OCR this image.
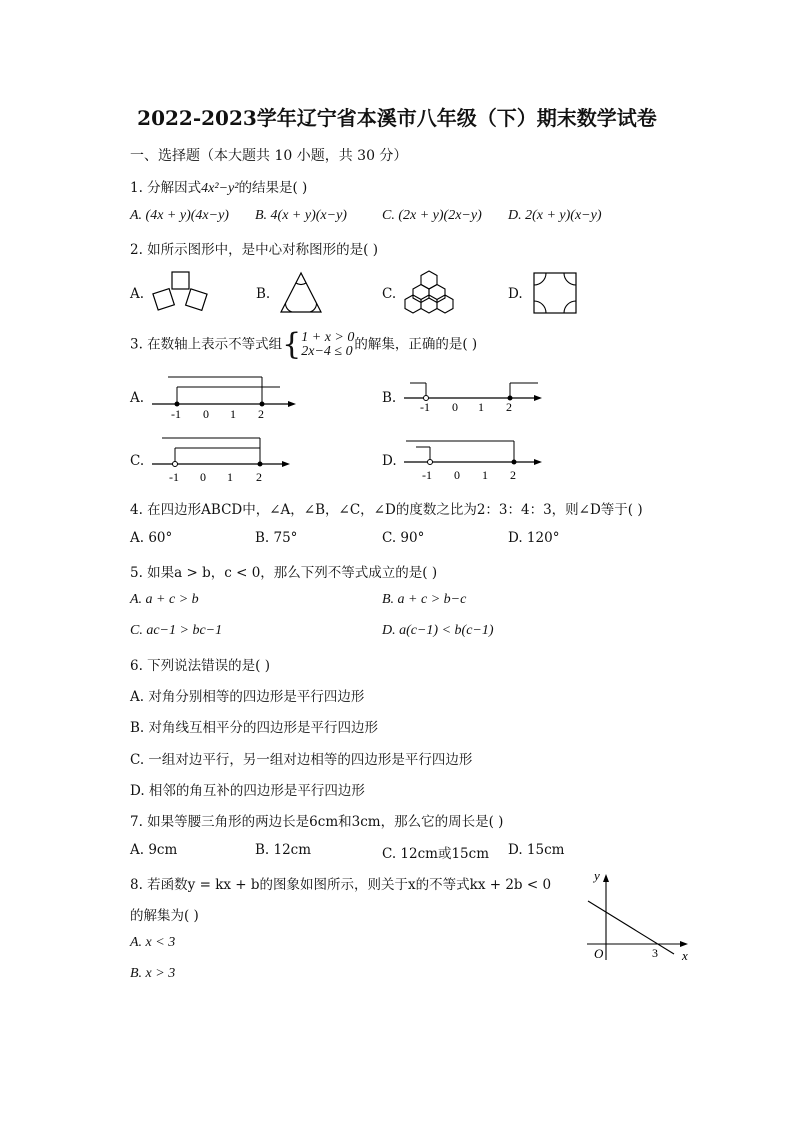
2022-2023学年辽宁省本溪市八年级（下）期末数学试卷
一、选择题（本大题共 10 小题，共 30 分）
1. 分解因式4x²−y²的结果是( )
A. (4x + y)(4x−y) B. 4(x + y)(x−y)	C. (2x + y)(2x−y) D. 2(x + y)(x−y)
2. 如所示图形中，是中心对称图形的是( )
A.	B.	C.	D.
3. 在数轴上表示不等式组{1 + x > 0
2x−4 ≤ 0 的解集，正确的是( )
A.
-1 0 1 2
B.
-1 0 1 2
C.
-1 0 1 2
D.
-1 0 1 2
4. 在四边形ABCD中，∠A，∠B，∠C，∠D的度数之比为2：3：4：3，则∠D等于( )
A. 60°	B. 75°	C. 90°	D. 120°
5. 如果a > b，c < 0，那么下列不等式成立的是( )
A. a + c > b	B. a + c > b−c
C. ac−1 > bc−1	D. a(c−1) < b(c−1)
6. 下列说法错误的是( )
A. 对角分别相等的四边形是平行四边形
B. 对角线互相平分的四边形是平行四边形
C. 一组对边平行，另一组对边相等的四边形是平行四边形
D. 相邻的角互补的四边形是平行四边形
7. 如果等腰三角形的两边长是6cm和3cm，那么它的周长是( )
A. 9cm	B. 12cm	C. 12cm或15cm D. 15cm
8. 若函数y = kx + b的图象如图所示，则关于x的不等式kx + 2b < 0
的解集为( )
A. x < 3
B. x > 3
y
x
O	3
